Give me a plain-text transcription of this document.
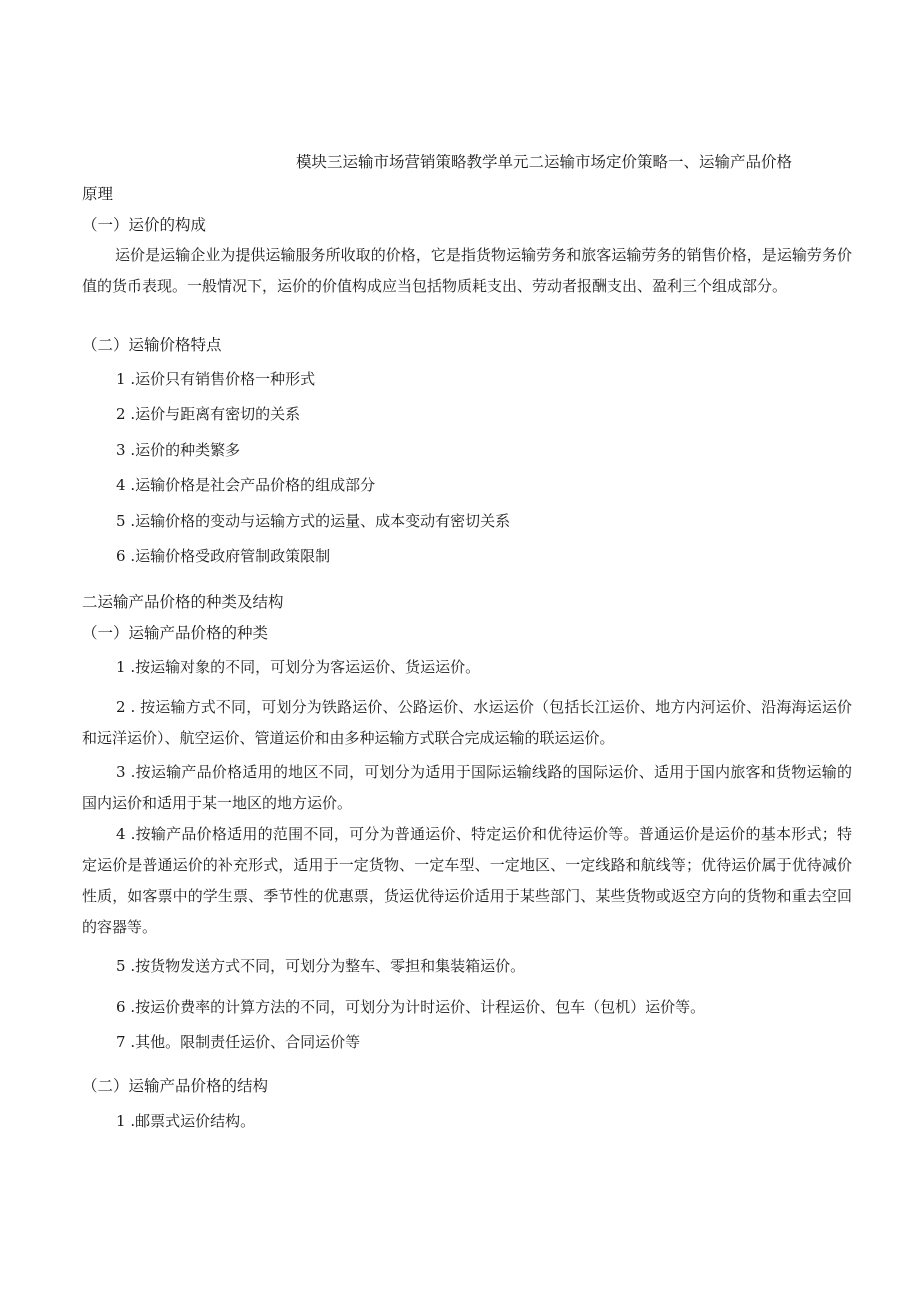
模块三运输市场营销策略教学单元二运输市场定价策略一、运输产品价格
原理
（一）运价的构成
运价是运输企业为提供运输服务所收取的价格，它是指货物运输劳务和旅客运输劳务的销售价格，是运输劳务价值的货币表现。一般情况下，运价的价值构成应当包括物质耗支出、劳动者报酬支出、盈利三个组成部分。
（二）运输价格特点
1 .运价只有销售价格一种形式
2 .运价与距离有密切的关系
3 .运价的种类繁多
4 .运输价格是社会产品价格的组成部分
5 .运输价格的变动与运输方式的运量、成本变动有密切关系
6 .运输价格受政府管制政策限制
二运输产品价格的种类及结构
（一）运输产品价格的种类
1 .按运输对象的不同，可划分为客运运价、货运运价。
2 . 按运输方式不同，可划分为铁路运价、公路运价、水运运价（包括长江运价、地方内河运价、沿海海运运价和远洋运价）、航空运价、管道运价和由多种运输方式联合完成运输的联运运价。
3 .按运输产品价格适用的地区不同，可划分为适用于国际运输线路的国际运价、适用于国内旅客和货物运输的国内运价和适用于某一地区的地方运价。
4 .按输产品价格适用的范围不同，可分为普通运价、特定运价和优待运价等。普通运价是运价的基本形式；特定运价是普通运价的补充形式，适用于一定货物、一定车型、一定地区、一定线路和航线等；优待运价属于优待减价性质，如客票中的学生票、季节性的优惠票，货运优待运价适用于某些部门、某些货物或返空方向的货物和重去空回的容器等。
5 .按货物发送方式不同，可划分为整车、零担和集装箱运价。
6 .按运价费率的计算方法的不同，可划分为计时运价、计程运价、包车（包机）运价等。
7 .其他。限制责任运价、合同运价等
（二）运输产品价格的结构
1 .邮票式运价结构。
